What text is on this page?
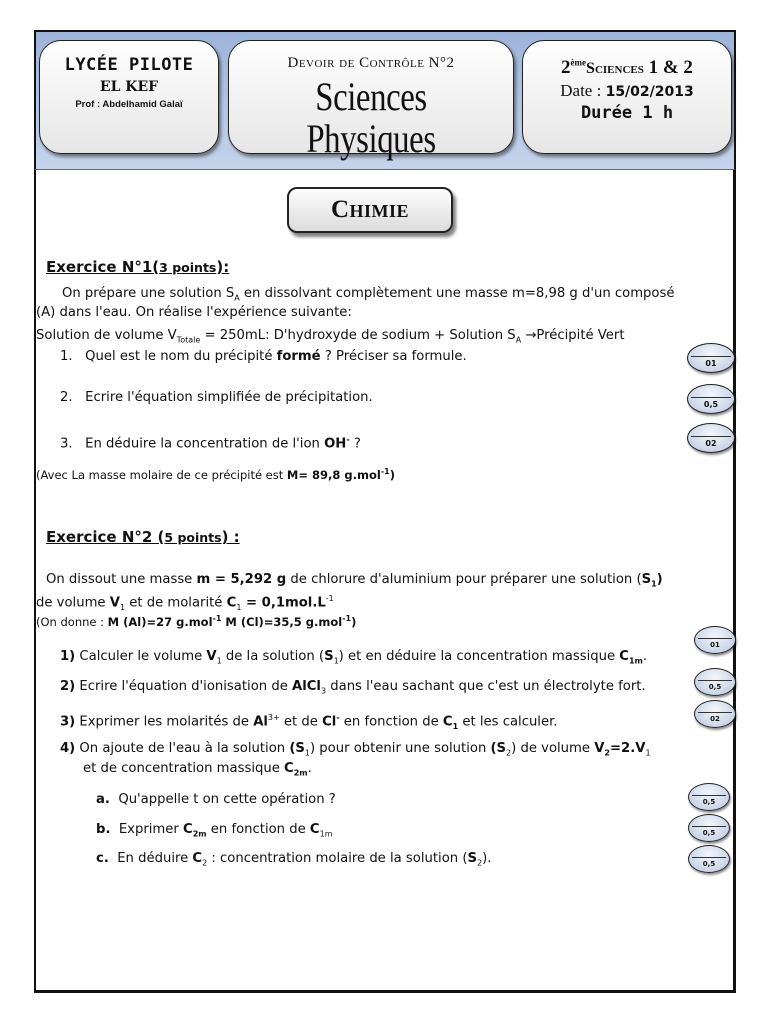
LYCÉE PILOTE
EL KEF
Prof : Abdelhamid Galaï
Devoir de Contrôle N°2
Sciences Physiques
2èmeSciences 1 & 2
Date : 15/02/2013
Durée 1 h
Chimie
Exercice N°1(3 points):
On prépare une solution $S_A$ en dissolvant complètement une masse m=8,98 g d'un composé
(A) dans l'eau. On réalise l'expérience suivante:
Solution de volume $V_{Totale} = 250mL$: D'hydroxyde de sodium + Solution $S_A$ →Précipité Vert
1. Quel est le nom du précipité formé ? Préciser sa formule.
2. Ecrire l'équation simplifiée de précipitation.
3. En déduire la concentration de l'ion OH- ?
(Avec La masse molaire de ce précipité est M= 89,8 g.mol$^{-1}$)
01
0,5
02
Exercice N°2 (5 points) :
On dissout une masse m = 5,292 g de chlorure d'aluminium pour préparer une solution $(S_1)$
de volume $V_1$ et de molarité $C_1 = 0,1mol.L^{-1}$
(On donne : M (Al)=27 g.mol$^{-1}$ M (Cl)=35,5 g.mol$^{-1}$)
1) Calculer le volume $V_1$ de la solution $(S_1)$ et en déduire la concentration massique $C_{1m}$.
2) Ecrire l'équation d'ionisation de AlCl$_3$ dans l'eau sachant que c'est un électrolyte fort.
3) Exprimer les molarités de $Al^{3+}$ et de Cl- en fonction de $C_1$ et les calculer.
4) On ajoute de l'eau à la solution $(S_1)$ pour obtenir une solution $(S_2)$ de volume $V_2=2.V_1$
et de concentration massique $C_{2m}$.
a. Qu'appelle t on cette opération ?
b. Exprimer $C_{2m}$ en fonction de $C_{1m}$
c. En déduire $C_2$ : concentration molaire de la solution $(S_2)$.
01
0,5
02
0,5
0,5
0,5
